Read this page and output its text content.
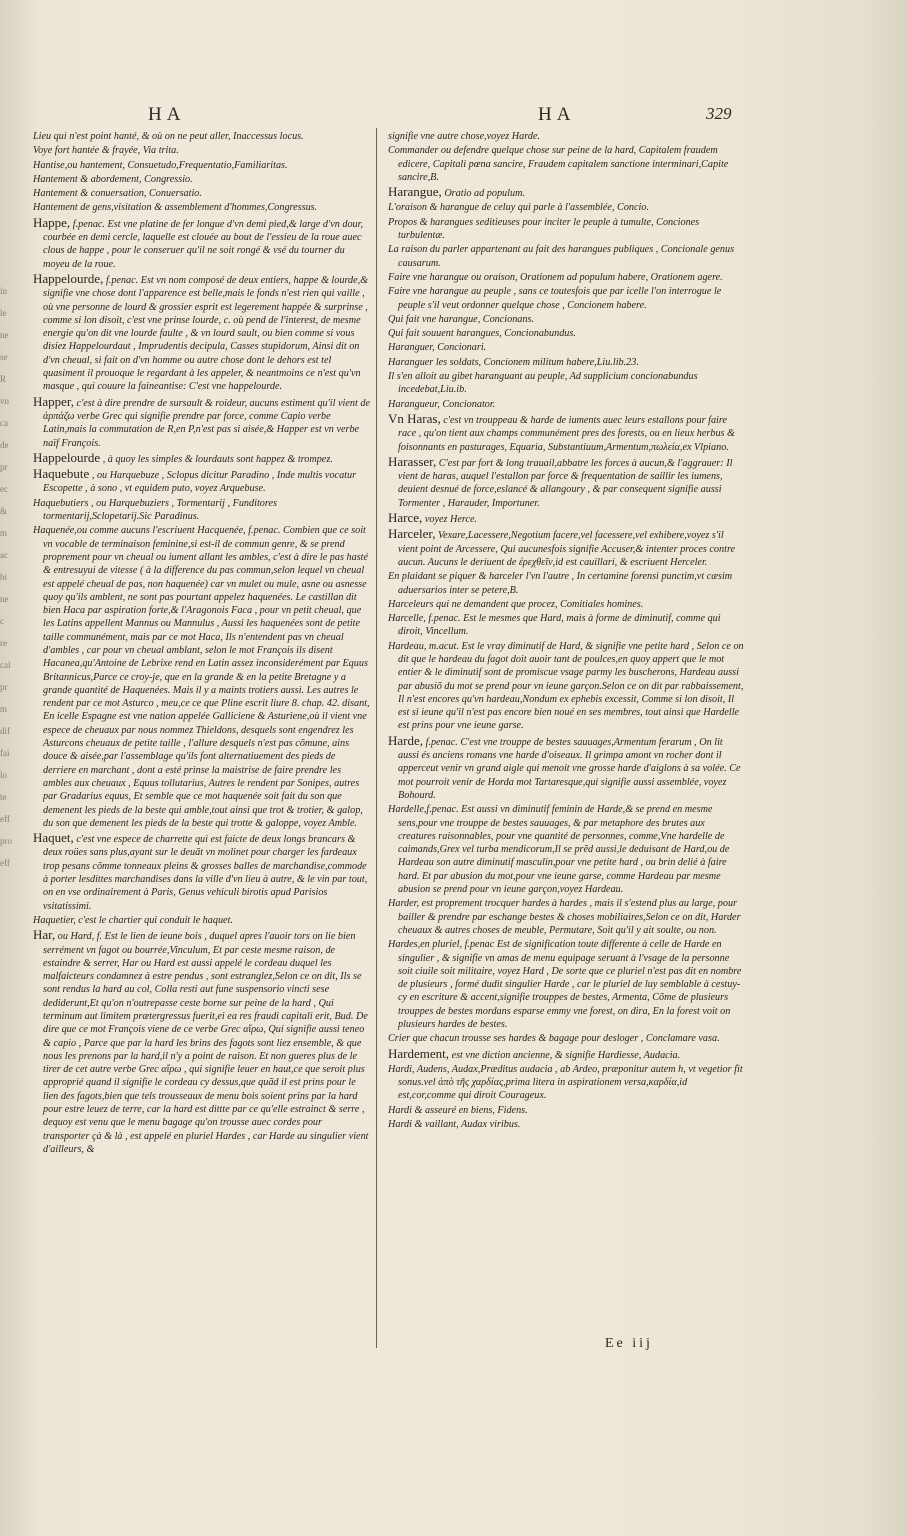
in
le
ne
se
R
vn
ca
de
pr
ec
&
m
ac
bi
ne
c
re
cal
pr
m
dif
fai
lo
te
eff
pro
eff
HA	HA	329
Lieu qui n'est point hanté, & où on ne peut aller, Inaccessus locus.
Voye fort hantée & frayée, Via trita.
Hantise,ou hantement, Consuetudo,Frequentatio,Familiaritas.
Hantement & abordement, Congressio.
Hantement & conuersation, Conuersatio.
Hantement de gens,visitation & assemblement d'hommes,Congressus.
Happe, f.penac. Est vne platine de fer longue d'vn demi pied,& large d'vn dour, courbée en demi cercle, laquelle est clouée au bout de l'essieu de la roue auec clous de happe , pour le conseruer qu'il ne soit rongé & vsé du tourner du moyeu de la roue.
Happelourde, f.penac. Est vn nom composé de deux entiers, happe & lourde,& signifie vne chose dont l'apparence est belle,mais le fonds n'est rien qui vaille , où vne personne de lourd & grossier esprit est legerement happée & surprinse , comme si lon disoit, c'est vne prinse lourde, c. où pend de l'interest, de mesme energie qu'on dit vne lourde faulte , & vn lourd sault, ou bien comme si vous disiez Happelourdaut , Imprudentis decipula, Casses stupidorum, Ainsi dit on d'vn cheual, si fait on d'vn homme ou autre chose dont le dehors est tel quasiment il prouoque le regardant à les appeler, & neantmoins ce n'est qu'vn masque , qui couure la faineantise: C'est vne happelourde.
Happer, c'est à dire prendre de sursault & roideur, aucuns estiment qu'il vient de ἁρπάζω verbe Grec qui signifie prendre par force, comme Capio verbe Latin,mais la commutation de R,en P,n'est pas si aisée,& Happer est vn verbe naïf François.
Happelourde , à quoy les simples & lourdauts sont happez & trompez.
Haquebute , ou Harquebuze , Sclopus dicitur Paradino , Inde multis vocatur Escopette , à sono , vt equidem puto, voyez Arquebuse.
Haquebutiers , ou Harquebuziers , Tormentarij , Funditores tormentarij,Sclopetarij.Sic Paradinus.
Haquenée,ou comme aucuns l'escriuent Hacquenée, f.penac. Combien que ce soit vn vocable de terminaison feminine,si est-il de commun genre, & se prend proprement pour vn cheual ou iument allant les ambles, c'est à dire le pas hasté & entresuyui de vitesse ( à la difference du pas commun,selon lequel vn cheual est appelé cheual de pas, non haquenée) car vn mulet ou mule, asne ou asnesse quoy qu'ils amblent, ne sont pas pourtant appelez haquenées. Le castillan dit bien Haca par aspiration forte,& l'Aragonois Faca , pour vn petit cheual, que les Latins appellent Mannus ou Mannulus , Aussi les haquenées sont de petite taille communément, mais par ce mot Haca, Ils n'entendent pas vn cheual d'ambles , car pour vn cheual amblant, selon le mot François ils disent Hacanea,qu'Antoine de Lebrixe rend en Latin assez inconsiderément par Equus Britannicus,Parce ce croy-je, que en la grande & en la petite Bretagne y a grande quantité de Haquenées. Mais il y a maints trotiers aussi. Les autres le rendent par ce mot Asturco , meu,ce ce que Pline escrit liure 8. chap. 42. disant, En icelle Espagne est vne nation appelée Galliciene & Asturiene,où il vient vne espece de cheuaux par nous nommez Thieldons, desquels sont engendrez les Asturcons cheuaux de petite taille , l'allure desquels n'est pas cõmune, ains douce & aisée,par l'assemblage qu'ils font alternatiuement des pieds de derriere en marchant , dont a esté prinse la maistrise de faire prendre les ambles aux cheuaux , Equus tollutarius, Autres le rendent par Sonipes, autres par Gradarius equus, Et semble que ce mot haquenée soit fait du son que demenent les pieds de la beste qui amble,tout ainsi que trot & trotier, & galop, du son que demenent les pieds de la beste qui trotte & galoppe, voyez Amble.
Haquet, c'est vne espece de charrette qui est faicte de deux longs brancars & deux roües sans plus,ayant sur le deuãt vn molinet pour charger les fardeaux trop pesans cõmme tonneaux pleins & grosses balles de marchandise,commode à porter lesdittes marchandises dans la ville d'vn lieu à autre, & le vin par tout, on en vse ordinairement à Paris, Genus vehiculi birotis apud Parisios vsitatissimi.
Haquetier, c'est le chartier qui conduit le haquet.
Har, ou Hard, f. Est le lien de ieune bois , duquel apres l'auoir tors on lie bien serrément vn fagot ou bourrée,Vinculum, Et par ceste mesme raison, de estaindre & serrer, Har ou Hard est aussi appelé le cordeau duquel les malfaicteurs condamnez à estre pendus , sont estranglez,Selon ce on dit, Ils se sont rendus la hard au col, Colla resti aut fune suspensorio vincti sese dediderunt,Et qu'on n'outrepasse ceste borne sur peine de la hard , Qui terminum aut limitem prætergressus fuerit,ei ea res fraudi capitali erit, Bud. De dire que ce mot François viene de ce verbe Grec αἴρω, Qui signifie aussi teneo & capio , Parce que par la hard les brins des fagots sont liez ensemble, & que nous les prenons par la hard,il n'y a point de raison. Et non gueres plus de le tirer de cet autre verbe Grec αἴρω , qui signifie leuer en haut,ce que seroit plus approprié quand il signifie le cordeau cy dessus,que quãd il est prins pour le lien des fagots,bien que tels trousseaux de menu bois soient prins par la hard pour estre leuez de terre, car la hard est dittte par ce qu'elle estrainct & serre , dequoy est venu que le menu bagage qu'on trousse auec cordes pour transporter çà & là , est appelé en pluriel Hardes , car Harde au singulier vient d'ailleurs, &
signifie vne autre chose,voyez Harde.
Commander ou defendre quelque chose sur peine de la hard, Capitalem fraudem edicere, Capitali pœna sancire, Fraudem capitalem sanctione interminari,Capite sancire,B.
Harangue, Oratio ad populum.
L'oraison & harangue de celuy qui parle à l'assemblée, Concio.
Propos & harangues seditieuses pour inciter le peuple à tumulte, Conciones turbulentæ.
La raison du parler appartenant au fait des harangues publiques , Concionale genus causarum.
Faire vne harangue ou oraison, Orationem ad populum habere, Orationem agere.
Faire vne harangue au peuple , sans ce toutesfois que par icelle l'on interrogue le peuple s'il veut ordonner quelque chose , Concionem habere.
Qui fait vne harangue, Concionans.
Qui fait souuent harangues, Concionabundus.
Haranguer, Concionari.
Haranguer les soldats, Concionem militum habere,Liu.lib.23.
Il s'en alloit au gibet haranguant au peuple, Ad supplicium concionabundus incedebat,Liu.ib.
Harangueur, Concionator.
Vn Haras, c'est vn trouppeau & harde de iuments auec leurs estallons pour faire race , qu'on tient aux champs communément pres des forests, ou en lieux herbus & foisonnants en pasturages, Equaria, Substantiuum,Armentum,πωλεία,ex Vlpiano.
Harasser, C'est par fort & long trauail,abbatre les forces à aucun,& l'aggrauer: Il vient de haras, auquel l'estallon par force & frequentation de saillir les iumens, deuient desnué de force,eslancé & allangoury , & par consequent signifie aussi Tormenter , Harauder, Importuner.
Harce, voyez Herce.
Harceler, Vexare,Lacessere,Negotium facere,vel facessere,vel exhibere,voyez s'il vient point de Arcessere, Qui aucunesfois signifie Accuser,& intenter proces contre aucun. Aucuns le deriuent de ἐρεχθεῖν,id est cauillari, & escriuent Herceler.
En plaidant se piquer & harceler l'vn l'autre , In certamine forensi punctim,vt cæsim aduersarios inter se petere,B.
Harceleurs qui ne demandent que procez, Comitiales homines.
Harcelle, f.penac. Est le mesmes que Hard, mais à forme de diminutif, comme qui diroit, Vincellum.
Hardeau, m.acut. Est le vray diminutif de Hard, & signifie vne petite hard , Selon ce on dit que le hardeau du fagot doit auoir tant de poulces,en quoy appert que le mot entier & le diminutif sont de promiscue vsage parmy les buscherons, Hardeau aussi par abusiõ du mot se prend pour vn ieune garçon.Selon ce on dit par rabbaissement, Il n'est encores qu'vn hardeau,Nondum ex ephebis excessit, Comme si lon disoit, Il est si ieune qu'il n'est pas encore bien noué en ses membres, tout ainsi que Hardelle est prins pour vne ieune garse.
Harde, f.penac. C'est vne trouppe de bestes sauuages,Armentum ferarum , On lit aussi és anciens romans vne harde d'oiseaux. Il grimpa amont vn rocher dont il apperceut venir vn grand aigle qui menoit vne grosse harde d'aiglons à sa volée. Ce mot pourroit venir de Horda mot Tartaresque,qui signifie aussi assemblée, voyez Bohourd.
Hardelle,f.penac. Est aussi vn diminutif feminin de Harde,& se prend en mesme sens,pour vne trouppe de bestes sauuages, & par metaphore des brutes aux creatures raisonnables, pour vne quantité de personnes, comme,Vne hardelle de caimands,Grex vel turba mendicorum,Il se prẽd aussi,le deduisant de Hard,ou de Hardeau son autre diminutif masculin,pour vne petite hard , ou brin delié à faire hard. Et par abusion du mot,pour vne ieune garse, comme Hardeau par mesme abusion se prend pour vn ieune garçon,voyez Hardeau.
Harder, est proprement trocquer hardes à hardes , mais il s'estend plus au large, pour bailler & prendre par eschange bestes & choses mobiliaires,Selon ce on dit, Harder cheuaux & autres choses de meuble, Permutare, Soit qu'il y ait soulte, ou non.
Hardes,en pluriel, f.penac Est de signification toute differente à celle de Harde en singulier , & signifie vn amas de menu equipage seruant à l'vsage de la personne soit ciuile soit militaire, voyez Hard , De sorte que ce pluriel n'est pas dit en nombre de plusieurs , formé dudit singulier Harde , car le pluriel de luy semblable à cestuy-cy en escriture & accent,signifie trouppes de bestes, Armenta, Cõme de plusieurs trouppes de bestes mordans esparse emmy vne forest, on dira, En la forest voit on plusieurs hardes de bestes.
Crier que chacun trousse ses hardes & bagage pour desloger , Conclamare vasa.
Hardement, est vne diction ancienne, & signifie Hardiesse, Audacia.
Hardi, Audens, Audax,Præditus audacia , ab Ardeo, præponitur autem h, vt vegetior fit sonus.vel ἀπὸ τῆς χαρδίας,prima litera in aspirationem versa,καρδία,id est,cor,comme qui diroit Courageux.
Hardi & asseuré en biens, Fidens.
Hardi & vaillant, Audax viribus.
Ee iij
